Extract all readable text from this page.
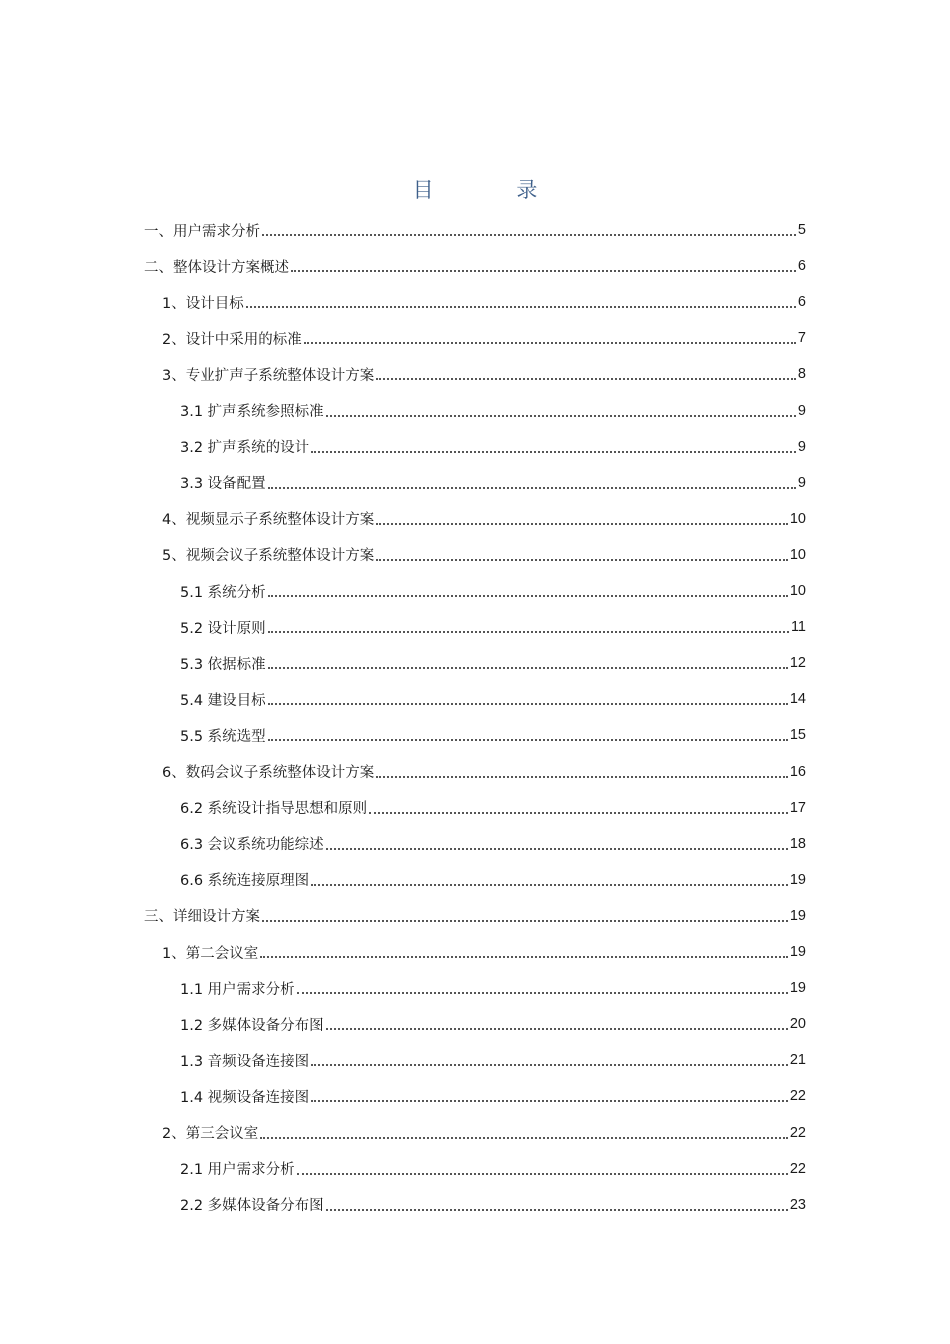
目 录
一、用户需求分析	5
二、整体设计方案概述	6
1、设计目标	6
2、设计中采用的标准	7
3、专业扩声子系统整体设计方案	8
3.1 扩声系统参照标准	9
3.2 扩声系统的设计	9
3.3 设备配置	9
4、视频显示子系统整体设计方案	10
5、视频会议子系统整体设计方案	10
5.1 系统分析	10
5.2 设计原则	11
5.3 依据标准	12
5.4 建设目标	14
5.5 系统选型	15
6、数码会议子系统整体设计方案	16
6.2 系统设计指导思想和原则	17
6.3 会议系统功能综述	18
6.6 系统连接原理图	19
三、详细设计方案	19
1、第二会议室	19
1.1 用户需求分析	19
1.2 多媒体设备分布图	20
1.3 音频设备连接图	21
1.4 视频设备连接图	22
2、第三会议室	22
2.1 用户需求分析	22
2.2 多媒体设备分布图	23
